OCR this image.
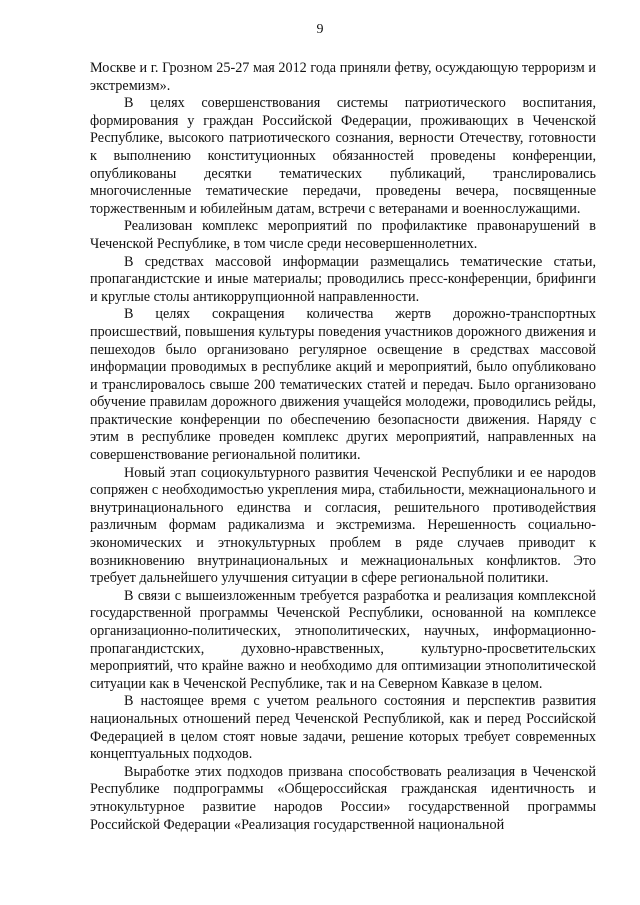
9

Москве и г. Грозном 25-27 мая 2012 года приняли фетву, осуждающую терроризм и экстремизм».

В целях совершенствования системы патриотического воспитания, формирования у граждан Российской Федерации, проживающих в Чеченской Республике, высокого патриотического сознания, верности Отечеству, готовности к выполнению конституционных обязанностей проведены конференции, опубликованы десятки тематических публикаций, транслировались многочисленные тематические передачи, проведены вечера, посвященные торжественным и юбилейным датам, встречи с ветеранами и военнослужащими.

Реализован комплекс мероприятий по профилактике правонарушений в Чеченской Республике, в том числе среди несовершеннолетних.

В средствах массовой информации размещались тематические статьи, пропагандистские и иные материалы; проводились пресс-конференции, брифинги и круглые столы антикоррупционной направленности.

В целях сокращения количества жертв дорожно-транспортных происшествий, повышения культуры поведения участников дорожного движения и пешеходов было организовано регулярное освещение в средствах массовой информации проводимых в республике акций и мероприятий, было опубликовано и транслировалось свыше 200 тематических статей и передач. Было организовано обучение правилам дорожного движения учащейся молодежи, проводились рейды, практические конференции по обеспечению безопасности движения. Наряду с этим в республике проведен комплекс других мероприятий, направленных на совершенствование региональной политики.

Новый этап социокультурного развития Чеченской Республики и ее народов сопряжен с необходимостью укрепления мира, стабильности, межнационального и внутринационального единства и согласия, решительного противодействия различным формам радикализма и экстремизма. Нерешенность социально-экономических и этнокультурных проблем в ряде случаев приводит к возникновению внутринациональных и межнациональных конфликтов. Это требует дальнейшего улучшения ситуации в сфере региональной политики.

В связи с вышеизложенным требуется разработка и реализация комплексной государственной программы Чеченской Республики, основанной на комплексе организационно-политических, этнополитических, научных, информационно-пропагандистских, духовно-нравственных, культурно-просветительских мероприятий, что крайне важно и необходимо для оптимизации этнополитической ситуации как в Чеченской Республике, так и на Северном Кавказе в целом.

В настоящее время с учетом реального состояния и перспектив развития национальных отношений перед Чеченской Республикой, как и перед Российской Федерацией в целом стоят новые задачи, решение которых требует современных концептуальных подходов.

Выработке этих подходов призвана способствовать реализация в Чеченской Республике подпрограммы «Общероссийская гражданская идентичность и этнокультурное развитие народов России» государственной программы Российской Федерации «Реализация государственной национальной
